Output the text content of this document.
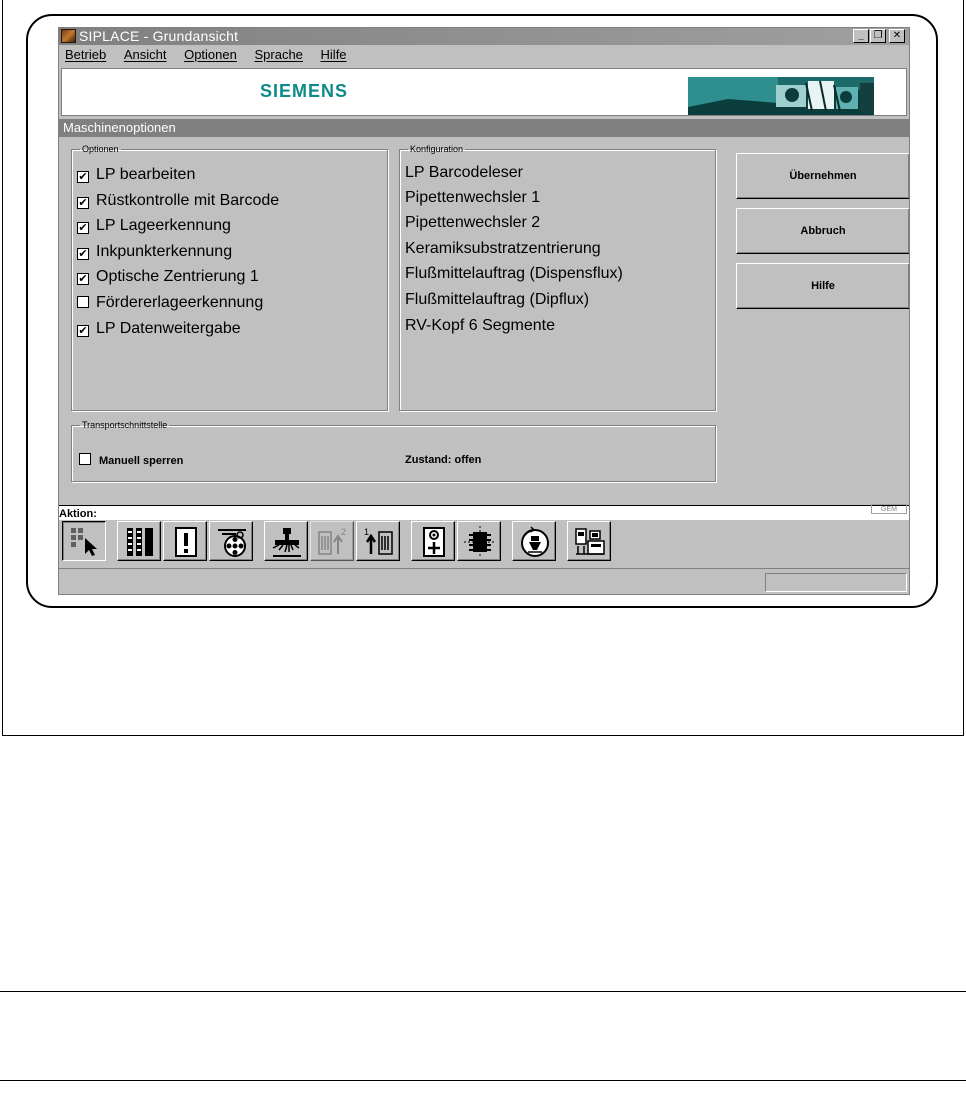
SIPLACE - Grundansicht	_ ❐	✕
Betrieb Ansicht Optionen Sprache Hilfe
SIEMENS
Maschinenoptionen
Optionen
✔ LP bearbeiten
✔ Rüstkontrolle mit Barcode
✔ LP Lageerkennung
✔ Inkpunkterkennung
✔ Optische Zentrierung 1
Fördererlageerkennung
✔ LP Datenweitergabe
Konfiguration
LP Barcodeleser
Pipettenwechsler 1
Pipettenwechsler 2
Keramiksubstratzentrierung
Flußmittelauftrag (Dispensflux)
Flußmittelauftrag (Dipflux)
RV-Kopf 6 Segmente
Übernehmen
Abbruch
Hilfe
Transportschnittstelle
Manuell sperren	Zustand: offen
Aktion:	GEM
2 1
